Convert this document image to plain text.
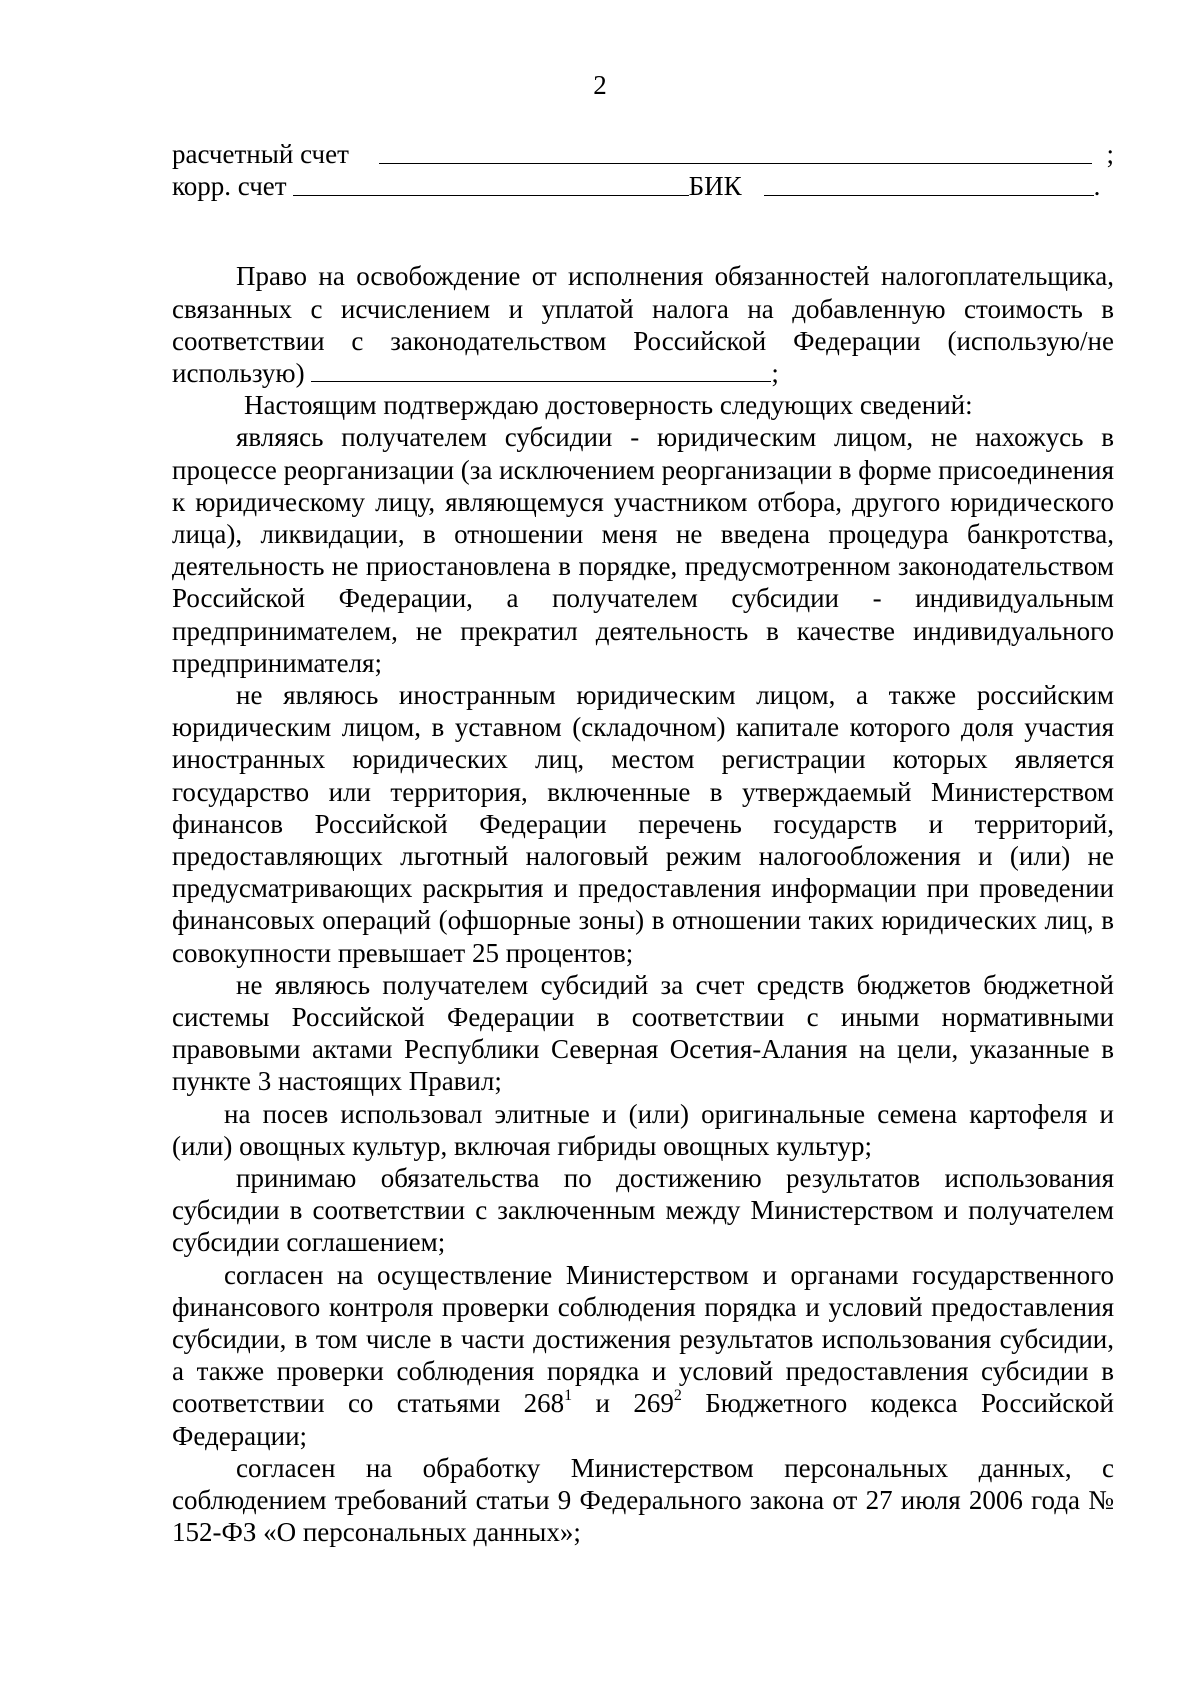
2
расчетный счет	;
корр. счет	БИК	.

Право на освобождение от исполнения обязанностей налогоплательщика, связанных с исчислением и уплатой налога на добавленную стоимость в соответствии с законодательством Российской Федерации (использую/не использую)	;

Настоящим подтверждаю достоверность следующих сведений:

являясь получателем субсидии - юридическим лицом, не нахожусь в процессе реорганизации (за исключением реорганизации в форме присоединения к юридическому лицу, являющемуся участником отбора, другого юридического лица), ликвидации, в отношении меня не введена процедура банкротства, деятельность не приостановлена в порядке, предусмотренном законодательством Российской Федерации, а получателем субсидии - индивидуальным предпринимателем, не прекратил деятельность в качестве индивидуального предпринимателя;

не являюсь иностранным юридическим лицом, а также российским юридическим лицом, в уставном (складочном) капитале которого доля участия иностранных юридических лиц, местом регистрации которых является государство или территория, включенные в утверждаемый Министерством финансов Российской Федерации перечень государств и территорий, предоставляющих льготный налоговый режим налогообложения и (или) не предусматривающих раскрытия и предоставления информации при проведении финансовых операций (офшорные зоны) в отношении таких юридических лиц, в совокупности превышает 25 процентов;

не являюсь получателем субсидий за счет средств бюджетов бюджетной системы Российской Федерации в соответствии с иными нормативными правовыми актами Республики Северная Осетия-Алания на цели, указанные в пункте 3 настоящих Правил;

на посев использовал элитные и (или) оригинальные семена картофеля и (или) овощных культур, включая гибриды овощных культур;

принимаю обязательства по достижению результатов использования субсидии в соответствии с заключенным между Министерством и получателем субсидии соглашением;

согласен на осуществление Министерством и органами государственного финансового контроля проверки соблюдения порядка и условий предоставления субсидии, в том числе в части достижения результатов использования субсидии, а также проверки соблюдения порядка и условий предоставления субсидии в соответствии со статьями $268^1$ и $269^2$ Бюджетного кодекса Российской Федерации;

согласен на обработку Министерством персональных данных, с соблюдением требований статьи 9 Федерального закона от 27 июля 2006 года № 152-ФЗ «О персональных данных»;
